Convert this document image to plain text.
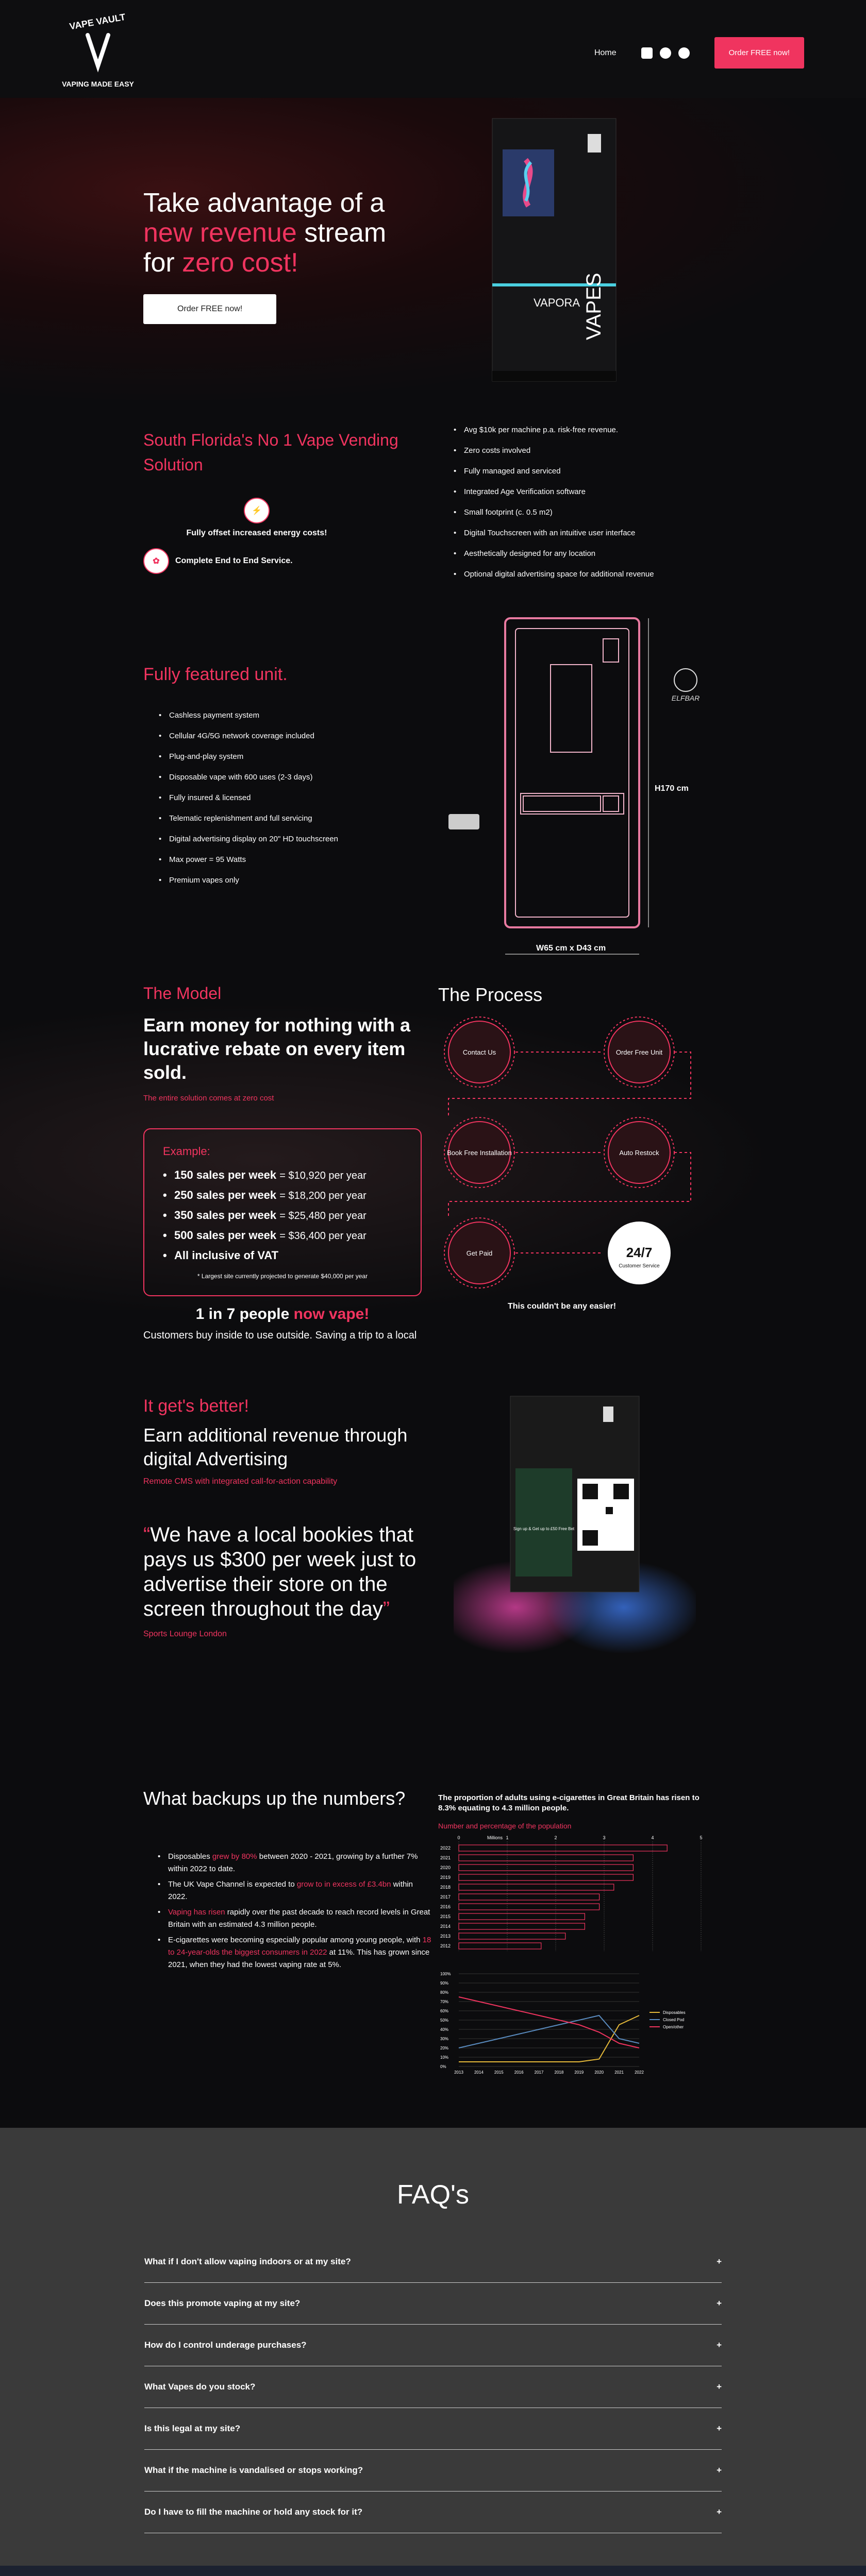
VAPE VAULT
VAPING MADE EASY
Home	Order FREE now!
Take advantage of a
new revenue stream
for zero cost!
Order FREE now!	VAPORA VAPES
South Florida's No 1 Vape Vending Solution
⚡
Fully offset increased energy costs!
✿	Complete End to End Service.
• Avg $10k per machine p.a. risk-free revenue.
• Zero costs involved
• Fully managed and serviced
• Integrated Age Verification software
• Small footprint (c. 0.5 m2)
• Digital Touchscreen with an intuitive user interface
• Aesthetically designed for any location
• Optional digital advertising space for additional revenue
Fully featured unit.
• Cashless payment system
• Cellular 4G/5G network coverage included
• Plug-and-play system
• Disposable vape with 600 uses (2-3 days)
• Fully insured & licensed
• Telematic replenishment and full servicing
• Digital advertising display on 20" HD touchscreen
• Max power = 95 Watts
• Premium vapes only
H170 cm
W65 cm x D43 cm
ELFBAR
The Model
Earn money for nothing with a lucrative rebate on every item sold.
The entire solution comes at zero cost
Example:
• 150 sales per week = $10,920 per year
• 250 sales per week = $18,200 per year
• 350 sales per week = $25,480 per year
• 500 sales per week = $36,400 per year
• All inclusive of VAT
* Largest site currently projected to generate $40,000 per year
1 in 7 people now vape!
Customers buy inside to use outside. Saving a trip to a local
The Process
Contact Us	Order Free Unit
Book Free Installation	Auto Restock
Get Paid	24/7
Customer Service
This couldn't be any easier!
It get's better!
Earn additional revenue through digital Advertising
Remote CMS with integrated call-for-action capability
“We have a local bookies that pays us $300 per week just to advertise their store on the screen throughout the day”
Sports Lounge London
Sign up & Get up to £50 Free Bet
What backups up the numbers?
• Disposables grew by 80% between 2020 - 2021, growing by a further 7% within 2022 to date.
• The UK Vape Channel is expected to grow to in excess of £3.4bn within 2022.
• Vaping has risen rapidly over the past decade to reach record levels in Great Britain with an estimated 4.3 million people.
• E-cigarettes were becoming especially popular among young people, with 18 to 24-year-olds the biggest consumers in 2022 at 11%. This has grown since 2021, when they had the lowest vaping rate at 5%.
The proportion of adults using e-cigarettes in Great Britain has risen to 8.3% equating to 4.3 million people.
Number and percentage of the population
0	1	2	3	4	5
Millions
2022
2021
2020
2019
2018
2017
2016
2015
2014
2013
2012

0%
10%
20%
30%
40%
50%
60%
70%
80%
90%
100%
2013	2014	2015	2016	2017	2018	2019	2020	2021	2022
Disposables
Closed Pod
Open/other
FAQ's
What if I don't allow vaping indoors or at my site?	+
Does this promote vaping at my site?	+
How do I control underage purchases?	+
What Vapes do you stock?	+
Is this legal at my site?	+
What if the machine is vandalised or stops working?	+
Do I have to fill the machine or hold any stock for it?	+
